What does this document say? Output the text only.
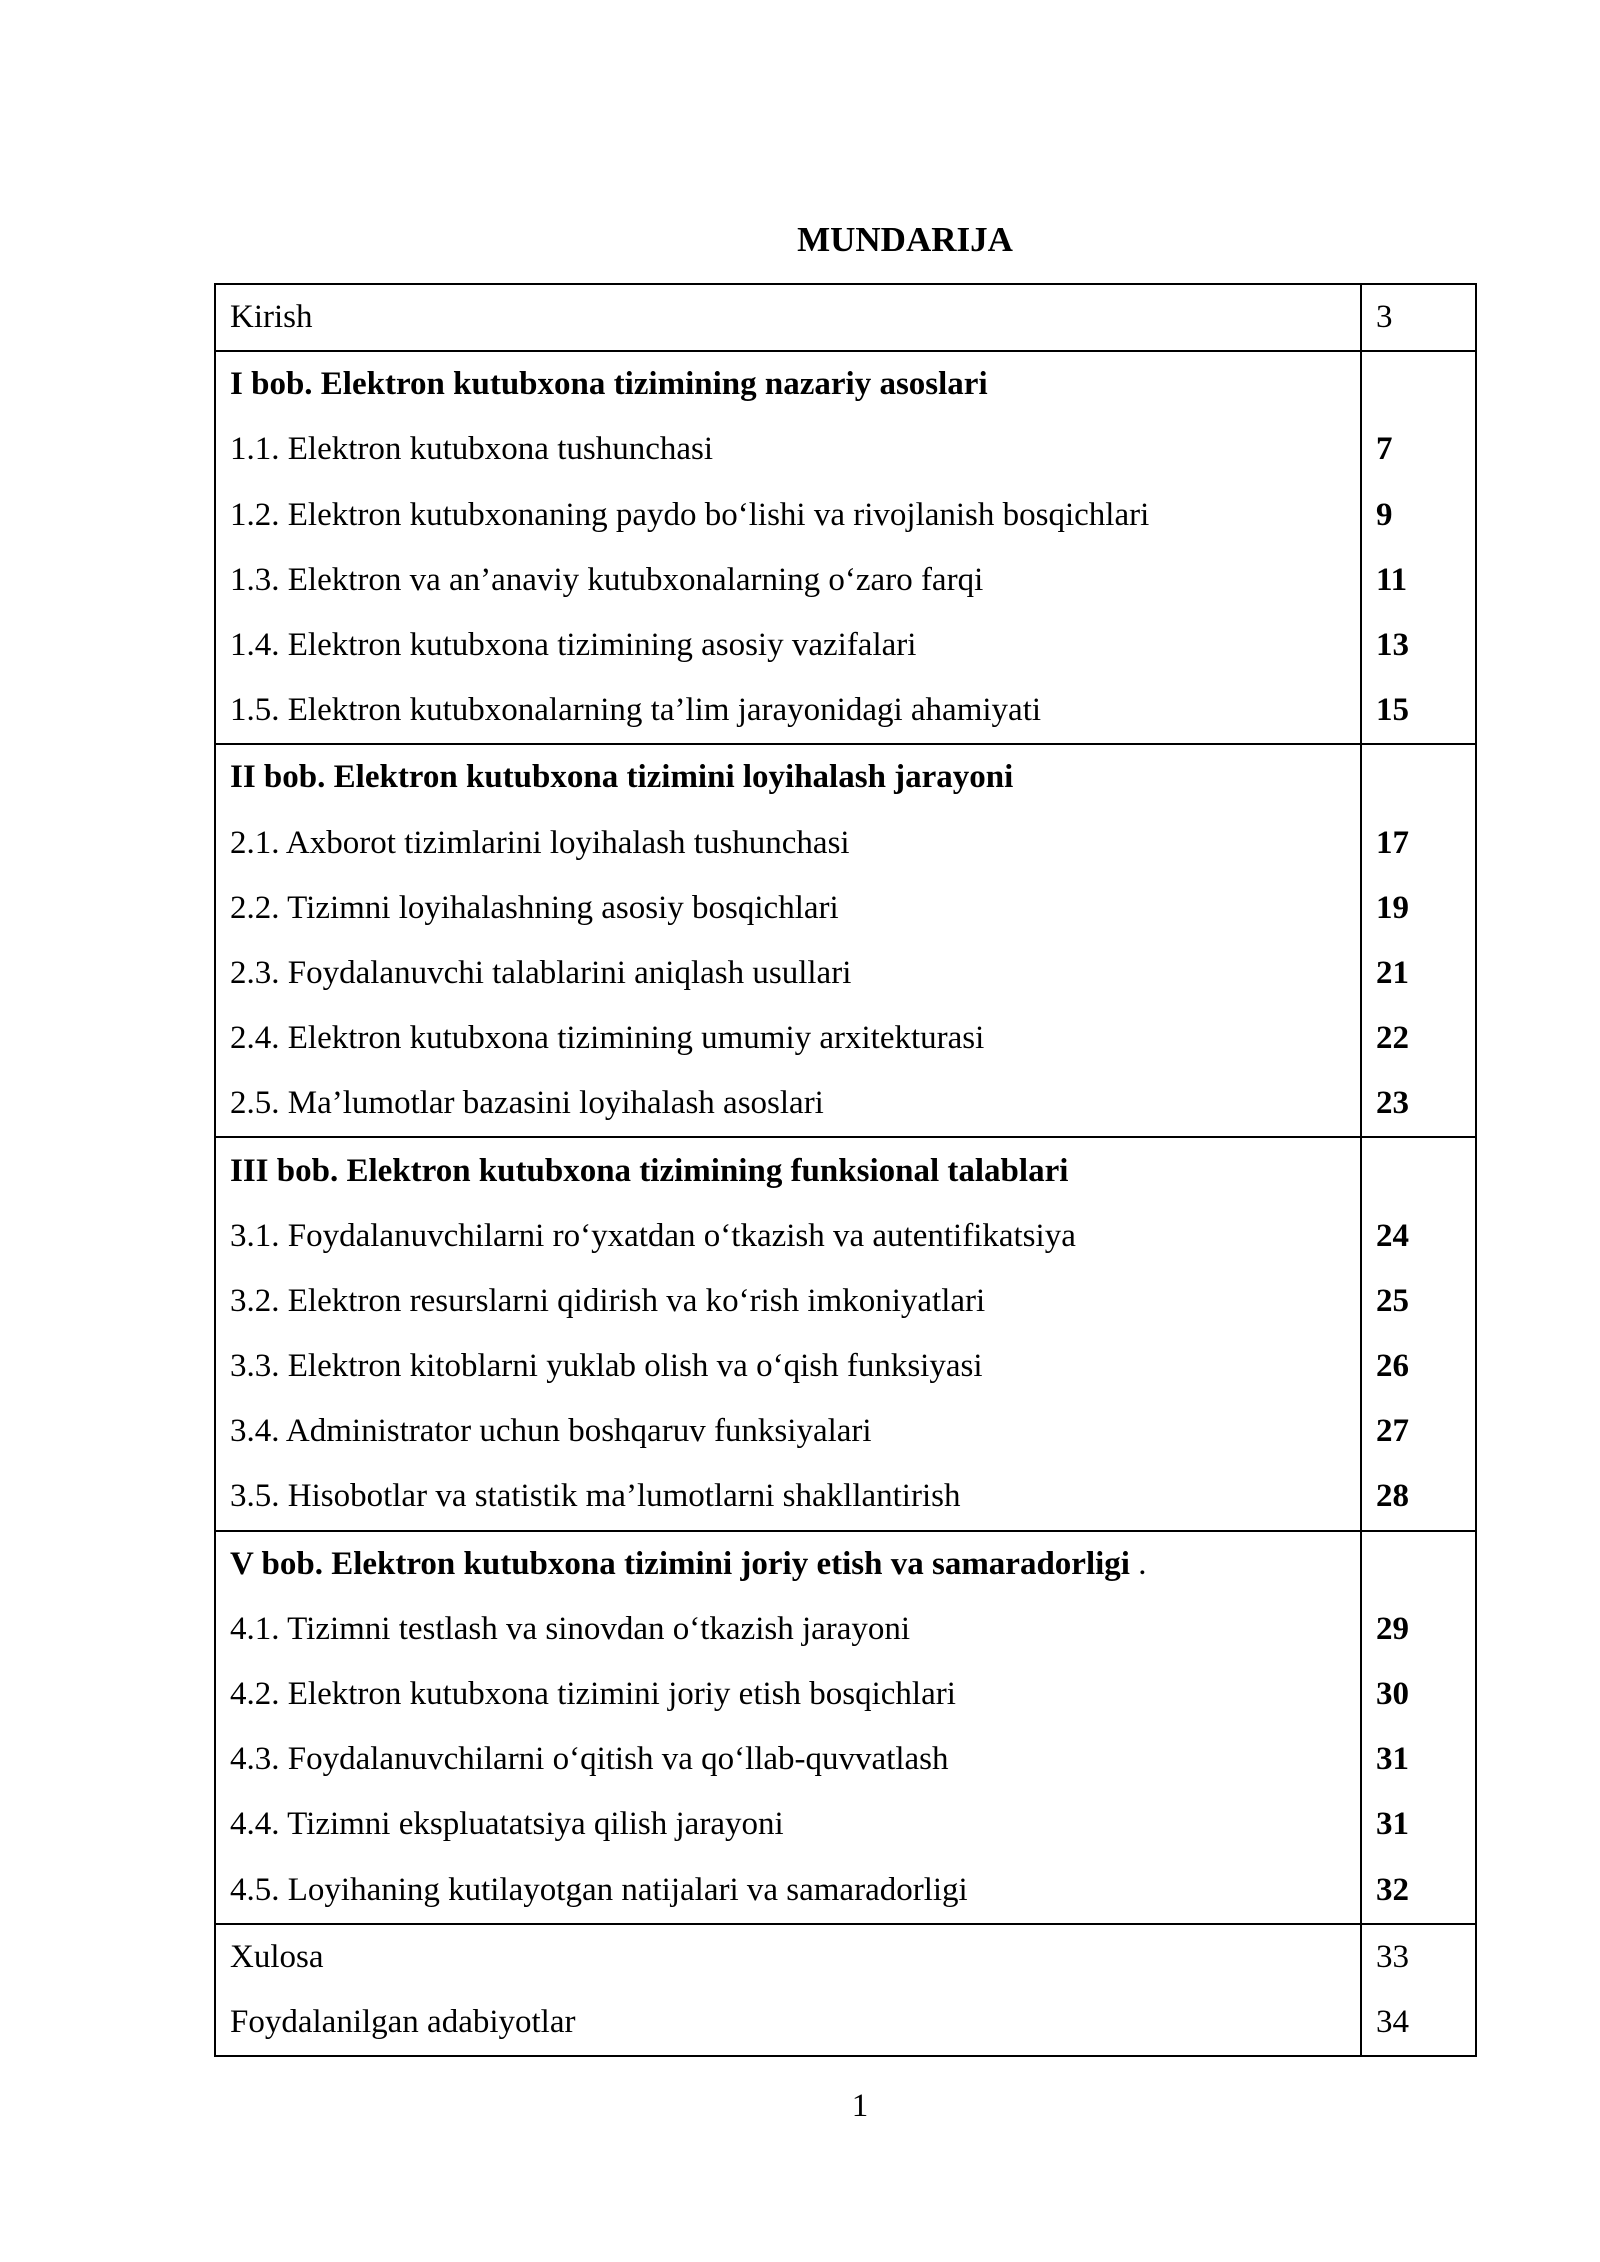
MUNDARIJA
Kirish	3
I bob. Elektron kutubxona tizimining nazariy asoslari	
1.1. Elektron kutubxona tushunchasi	7
1.2. Elektron kutubxonaning paydo bo‘lishi va rivojlanish bosqichlari	9
1.3. Elektron va an’anaviy kutubxonalarning o‘zaro farqi	11
1.4. Elektron kutubxona tizimining asosiy vazifalari	13
1.5. Elektron kutubxonalarning ta’lim jarayonidagi ahamiyati	15
II bob. Elektron kutubxona tizimini loyihalash jarayoni	
2.1. Axborot tizimlarini loyihalash tushunchasi	17
2.2. Tizimni loyihalashning asosiy bosqichlari	19
2.3. Foydalanuvchi talablarini aniqlash usullari	21
2.4. Elektron kutubxona tizimining umumiy arxitekturasi	22
2.5. Ma’lumotlar bazasini loyihalash asoslari	23
III bob. Elektron kutubxona tizimining funksional talablari	
3.1. Foydalanuvchilarni ro‘yxatdan o‘tkazish va autentifikatsiya	24
3.2. Elektron resurslarni qidirish va ko‘rish imkoniyatlari	25
3.3. Elektron kitoblarni yuklab olish va o‘qish funksiyasi	26
3.4. Administrator uchun boshqaruv funksiyalari	27
3.5. Hisobotlar va statistik ma’lumotlarni shakllantirish	28
V bob. Elektron kutubxona tizimini joriy etish va samaradorligi .	
4.1. Tizimni testlash va sinovdan o‘tkazish jarayoni	29
4.2. Elektron kutubxona tizimini joriy etish bosqichlari	30
4.3. Foydalanuvchilarni o‘qitish va qo‘llab-quvvatlash	31
4.4. Tizimni ekspluatatsiya qilish jarayoni	31
4.5. Loyihaning kutilayotgan natijalari va samaradorligi	32
Xulosa	33
Foydalanilgan adabiyotlar	34
1
